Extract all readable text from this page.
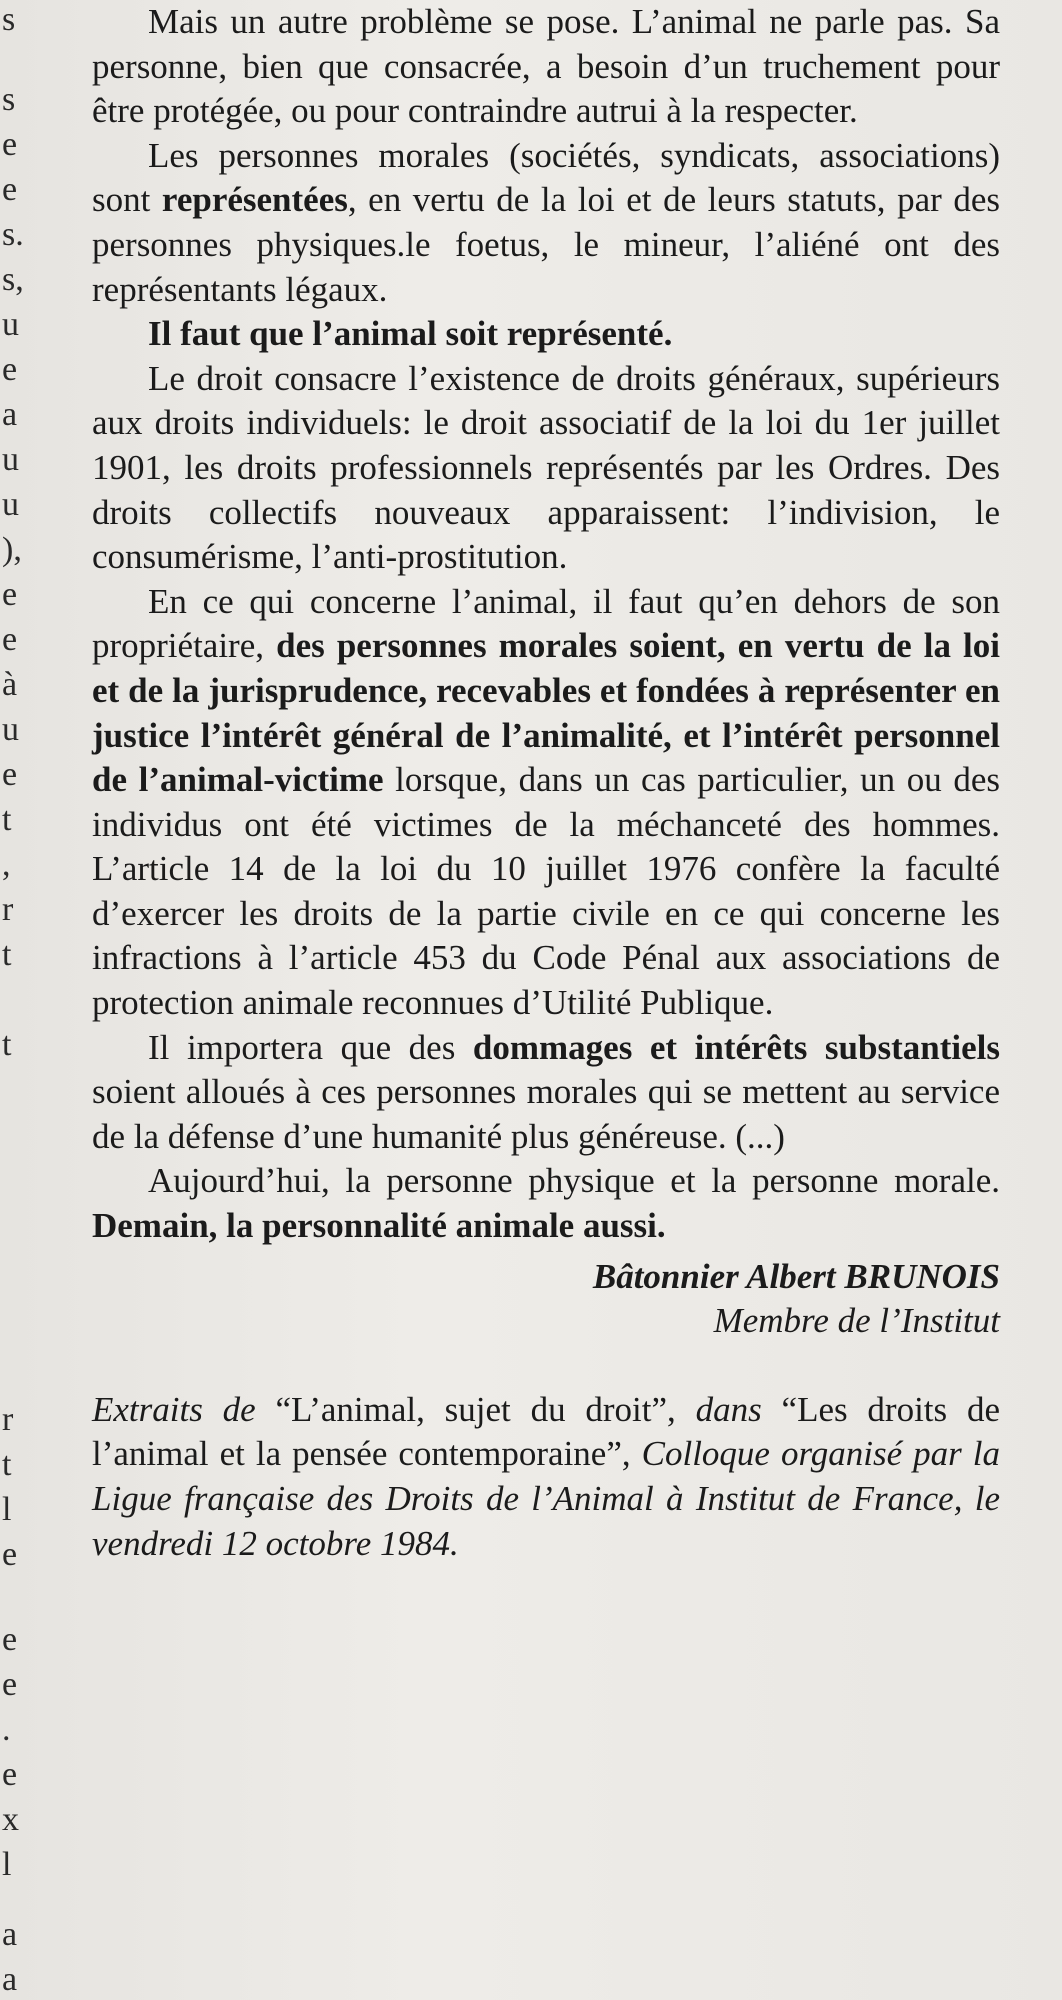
s
s
e
e
s.
s,
u
e
a
u
u
),
e
e
à
u
e
t
,
r
t
t
r
t
l
e
e
e
.
e
x
l
a
a

Mais un autre problème se pose. L’animal ne parle pas. Sa personne, bien que consacrée, a besoin d’un truchement pour être protégée, ou pour contraindre autrui à la respecter.

Les personnes morales (sociétés, syndicats, associations) sont représentées, en vertu de la loi et de leurs statuts, par des personnes physiques.le foetus, le mineur, l’aliéné ont des représentants légaux.

Il faut que l’animal soit représenté.

Le droit consacre l’existence de droits généraux, supérieurs aux droits individuels: le droit associatif de la loi du 1er juillet 1901, les droits professionnels représentés par les Ordres. Des droits collectifs nouveaux apparaissent: l’indivision, le consumérisme, l’anti-prostitution.

En ce qui concerne l’animal, il faut qu’en dehors de son propriétaire, des personnes morales soient, en vertu de la loi et de la jurisprudence, recevables et fondées à représenter en justice l’intérêt général de l’animalité, et l’intérêt personnel de l’animal-victime lorsque, dans un cas particulier, un ou des individus ont été victimes de la méchanceté des hommes. L’article 14 de la loi du 10 juillet 1976 confère la faculté d’exercer les droits de la partie civile en ce qui concerne les infractions à l’article 453 du Code Pénal aux associations de protection animale reconnues d’Utilité Publique.

Il importera que des dommages et intérêts substantiels soient alloués à ces personnes morales qui se mettent au service de la défense d’une humanité plus généreuse. (...)

Aujourd’hui, la personne physique et la personne morale. Demain, la personnalité animale aussi.

Bâtonnier Albert BRUNOIS
Membre de l’Institut

Extraits de “L’animal, sujet du droit”, dans “Les droits de l’animal et la pensée contemporaine”, Colloque organisé par la Ligue française des Droits de l’Animal à Institut de France, le vendredi 12 octobre 1984.
